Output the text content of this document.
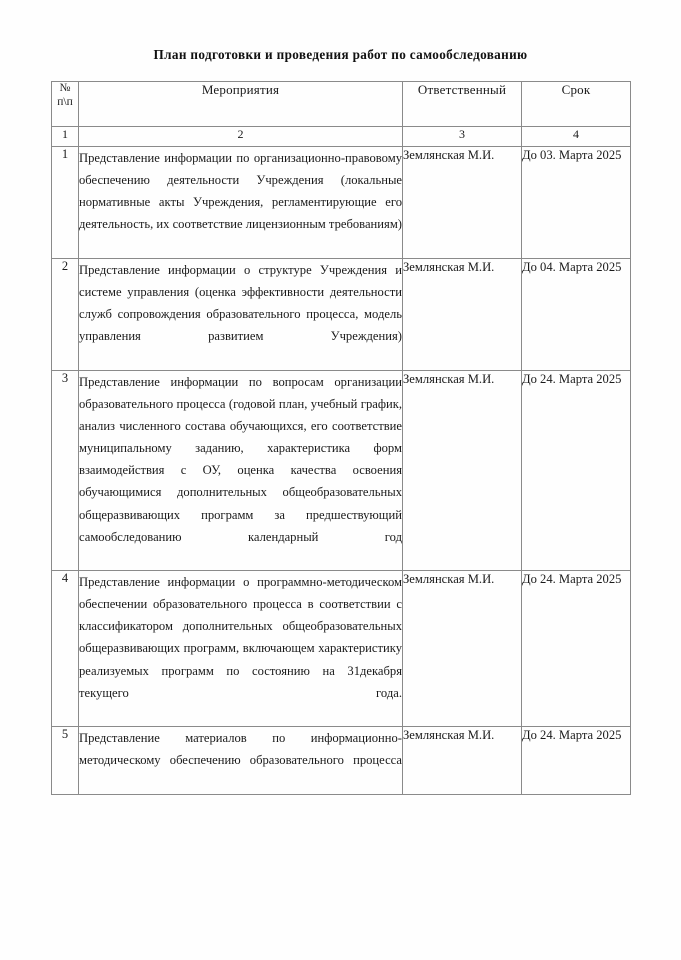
План подготовки и проведения работ по самообследованию
№ п\п	Мероприятия	Ответственный	Срок
1	2	3	4
1	Представление информации по организационно-правовому обеспечению деятельности Учреждения (локальные нормативные акты Учреждения, регламентирующие его деятельность, их соответствие лицензионным требованиям)	Землянская М.И.	До 03. Марта 2025
2	Представление информации о структуре Учреждения и системе управления (оценка эффективности деятельности служб сопровождения образовательного процесса, модель управления развитием Учреждения)	Землянская М.И.	До 04. Марта 2025
3	Представление информации по вопросам организации образовательного процесса (годовой план, учебный график, анализ численного состава обучающихся, его соответствие муниципальному заданию, характеристика форм взаимодействия с ОУ, оценка качества освоения обучающимися дополнительных общеобразовательных общеразвивающих программ за предшествующий самообследованию календарный год	Землянская М.И.	До 24. Марта 2025
4	Представление информации о программно-методическом обеспечении образовательного процесса в соответствии с классификатором дополнительных общеобразовательных общеразвивающих программ, включающем характеристику реализуемых программ по состоянию на 31декабря текущего года.	Землянская М.И.	До 24. Марта 2025
5	Представление материалов по информационно-методическому обеспечению образовательного процесса	Землянская М.И.	До 24. Марта 2025
